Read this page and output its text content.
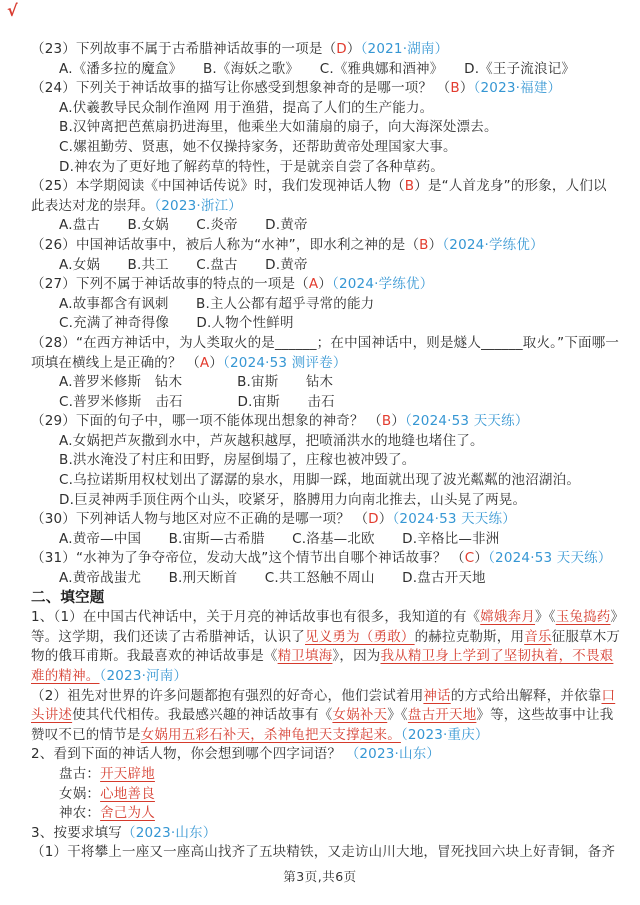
√
（23）下列故事不属于古希腊神话故事的一项是（D）（2021·湖南）
A.《潘多拉的魔盒》　　B.《海妖之歌》　　C.《雅典娜和酒神》　　D.《王子流浪记》
（24）下列关于神话故事的描写让你感受到想象神奇的是哪一项？ （B）（2023·福建）
A.伏羲教导民众制作渔网 用于渔猎，提高了人们的生产能力。
B.汉钟离把芭蕉扇扔进海里，他乘坐大如蒲扇的扇子，向大海深处漂去。
C.嫘祖勤劳、贤惠，她不仅操持家务，还帮助黄帝处理国家大事。
D.神农为了更好地了解药草的特性，于是就亲自尝了各种草药。
（25）本学期阅读《中国神话传说》时，我们发现神话人物（B）是“人首龙身”的形象，人们以
此表达对龙的崇拜。（2023·浙江）
A.盘古　　B.女娲　　C.炎帝　　D.黄帝
（26）中国神话故事中，被后人称为“水神”，即水利之神的是（B）（2024·学练优）
A.女娲　　B.共工　　C.盘古　　D.黄帝
（27）下列不属于神话故事的特点的一项是（A）（2024·学练优）
A.故事都含有讽刺　　B.主人公都有超乎寻常的能力
C.充满了神奇得像　　D.人物个性鲜明
（28）“在西方神话中，为人类取火的是______；在中国神话中，则是燧人______取火。”下面哪一
项填在横线上是正确的？ （A）（2024·53 测评卷）
A.普罗米修斯　钻木　　　　B.宙斯　　钻木
C.普罗米修斯　击石　　　　D.宙斯　　击石
（29）下面的句子中，哪一项不能体现出想象的神奇？ （B）（2024·53 天天练）
A.女娲把芦灰撒到水中，芦灰越积越厚，把喷涌洪水的地缝也堵住了。
B.洪水淹没了村庄和田野，房屋倒塌了，庄稼也被冲毁了。
C.乌拉诺斯用权杖划出了潺潺的泉水，用脚一踩，地面就出现了波光粼粼的池沼湖泊。
D.巨灵神两手顶住两个山头，咬紧牙，胳膊用力向南北推去，山头晃了两晃。
（30）下列神话人物与地区对应不正确的是哪一项？ （D）（2024·53 天天练）
A.黄帝—中国　　B.宙斯—古希腊　　C.洛基—北欧　　D.辛格比—非洲
（31）“水神为了争夺帝位，发动大战”这个情节出自哪个神话故事？ （C）（2024·53 天天练）
A.黄帝战蚩尤　　B.刑天断首　　C.共工怒触不周山　　D.盘古开天地
二、填空题
1、（1）在中国古代神话中，关于月亮的神话故事也有很多，我知道的有《嫦娥奔月》《玉兔捣药》
等。这学期，我们还读了古希腊神话，认识了见义勇为（勇敢）的赫拉克勒斯，用音乐征服草木万
物的俄耳甫斯。我最喜欢的神话故事是《精卫填海》，因为我从精卫身上学到了坚韧执着，不畏艰
难的精神。（2023·河南）
（2）祖先对世界的许多问题都抱有强烈的好奇心，他们尝试着用神话的方式给出解释，并依靠口
头讲述使其代代相传。我最感兴趣的神话故事有《女娲补天》《盘古开天地》等，这些故事中让我
赞叹不已的情节是女娲用五彩石补天，杀神龟把天支撑起来。（2023·重庆）
2、看到下面的神话人物，你会想到哪个四字词语？ （2023·山东）
盘古：开天辟地
女娲：心地善良
神农：舍己为人
3、按要求填写（2023·山东）
（1）干将攀上一座又一座高山找齐了五块精铁，又走访山川大地，冒死找回六块上好青铜，备齐
第3页,共6页
